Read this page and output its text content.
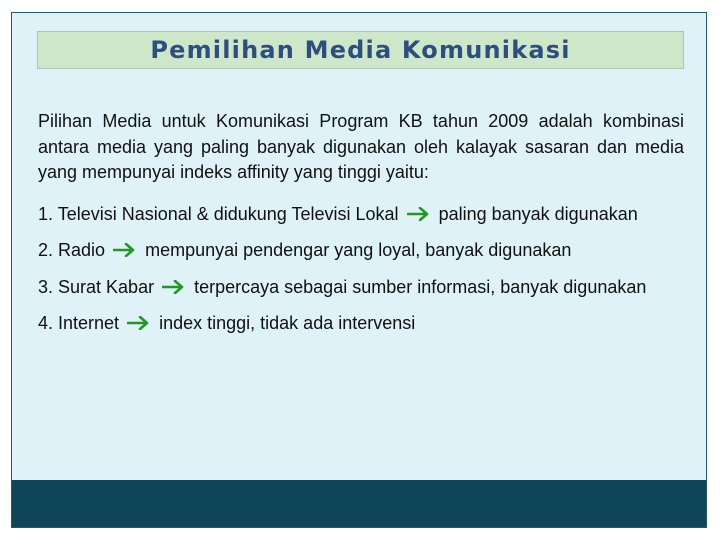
Pemilihan Media Komunikasi

Pilihan Media untuk Komunikasi Program KB tahun 2009 adalah kombinasi antara media yang paling banyak digunakan oleh kalayak sasaran dan media yang mempunyai indeks affinity yang tinggi yaitu:

1. Televisi Nasional & didukung Televisi Lokal paling banyak digunakan

2. Radio mempunyai pendengar yang loyal, banyak digunakan

3. Surat Kabar terpercaya sebagai sumber informasi, banyak digunakan

4. Internet index tinggi, tidak ada intervensi
